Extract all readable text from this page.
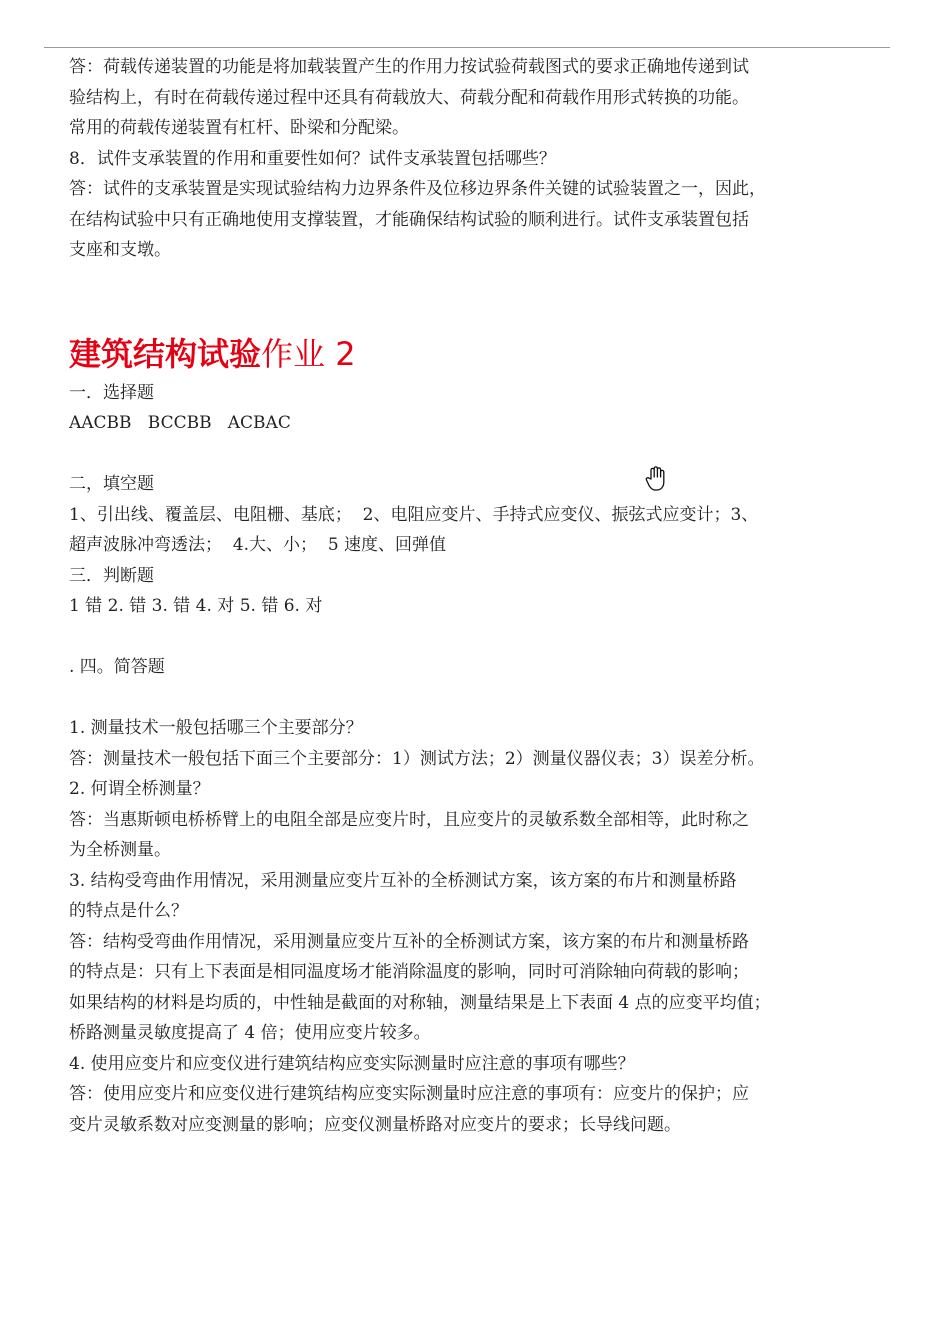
答：荷载传递装置的功能是将加载装置产生的作用力按试验荷载图式的要求正确地传递到试
验结构上，有时在荷载传递过程中还具有荷载放大、荷载分配和荷载作用形式转换的功能。
常用的荷载传递装置有杠杆、卧梁和分配梁。
8．试件支承装置的作用和重要性如何？试件支承装置包括哪些？
答：试件的支承装置是实现试验结构力边界条件及位移边界条件关键的试验装置之一，因此，
在结构试验中只有正确地使用支撑装置，才能确保结构试验的顺利进行。试件支承装置包括
支座和支墩。
建筑结构试验作业 2
一．选择题
AACBB   BCCBB   ACBAC
二，填空题
1、引出线、覆盖层、电阻栅、基底；  2、电阻应变片、手持式应变仪、振弦式应变计；3、
超声波脉冲弯透法；  4.大、小；  5 速度、回弹值
三．判断题
1 错 2. 错 3. 错 4. 对 5. 错 6. 对
. 四。简答题
1. 测量技术一般包括哪三个主要部分？
答：测量技术一般包括下面三个主要部分：1）测试方法；2）测量仪器仪表；3）误差分析。
2. 何谓全桥测量？
答：当惠斯顿电桥桥臂上的电阻全部是应变片时，且应变片的灵敏系数全部相等，此时称之
为全桥测量。
3. 结构受弯曲作用情况，采用测量应变片互补的全桥测试方案，该方案的布片和测量桥路
的特点是什么？
答：结构受弯曲作用情况，采用测量应变片互补的全桥测试方案，该方案的布片和测量桥路
的特点是：只有上下表面是相同温度场才能消除温度的影响，同时可消除轴向荷载的影响；
如果结构的材料是均质的，中性轴是截面的对称轴，测量结果是上下表面 4 点的应变平均值；
桥路测量灵敏度提高了 4 倍；使用应变片较多。
4. 使用应变片和应变仪进行建筑结构应变实际测量时应注意的事项有哪些？
答：使用应变片和应变仪进行建筑结构应变实际测量时应注意的事项有：应变片的保护；应
变片灵敏系数对应变测量的影响；应变仪测量桥路对应变片的要求；长导线问题。
